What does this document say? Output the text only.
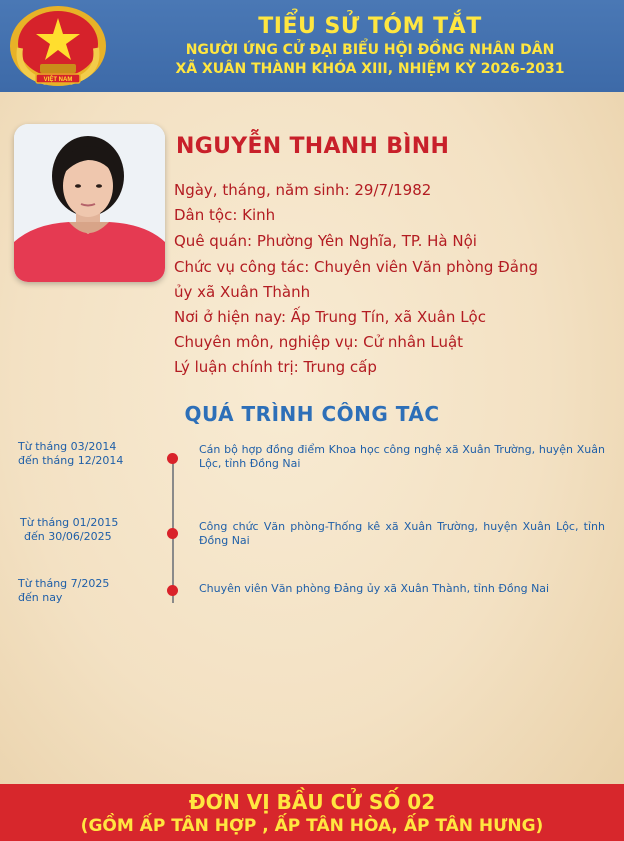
VIỆT NAM
TIỂU SỬ TÓM TẮT
NGƯỜI ỨNG CỬ ĐẠI BIỂU HỘI ĐỒNG NHÂN DÂN
XÃ XUÂN THÀNH KHÓA XIII, NHIỆM KỲ 2026-2031
NGUYỄN THANH BÌNH
Ngày, tháng, năm sinh: 29/7/1982
Dân tộc: Kinh
Quê quán: Phường Yên Nghĩa, TP. Hà Nội
Chức vụ công tác: Chuyên viên Văn phòng Đảng
ủy xã Xuân Thành
Nơi ở hiện nay: Ấp Trung Tín, xã Xuân Lộc
Chuyên môn, nghiệp vụ: Cử nhân Luật
Lý luận chính trị: Trung cấp
QUÁ TRÌNH CÔNG TÁC
Từ tháng 03/2014
đến tháng 12/2014
Cán bộ hợp đồng điểm Khoa học công nghệ xã Xuân Trường, huyện Xuân Lộc, tỉnh Đồng Nai
Từ tháng 01/2015
đến 30/06/2025
Công chức Văn phòng-Thống kê xã Xuân Trường, huyện Xuân Lộc, tỉnh Đồng Nai
Từ tháng 7/2025
đến nay
Chuyên viên Văn phòng Đảng ủy xã Xuân Thành, tỉnh Đồng Nai
ĐƠN VỊ BẦU CỬ SỐ 02
(GỒM ẤP TÂN HỢP , ẤP TÂN HÒA, ẤP TÂN HƯNG)
